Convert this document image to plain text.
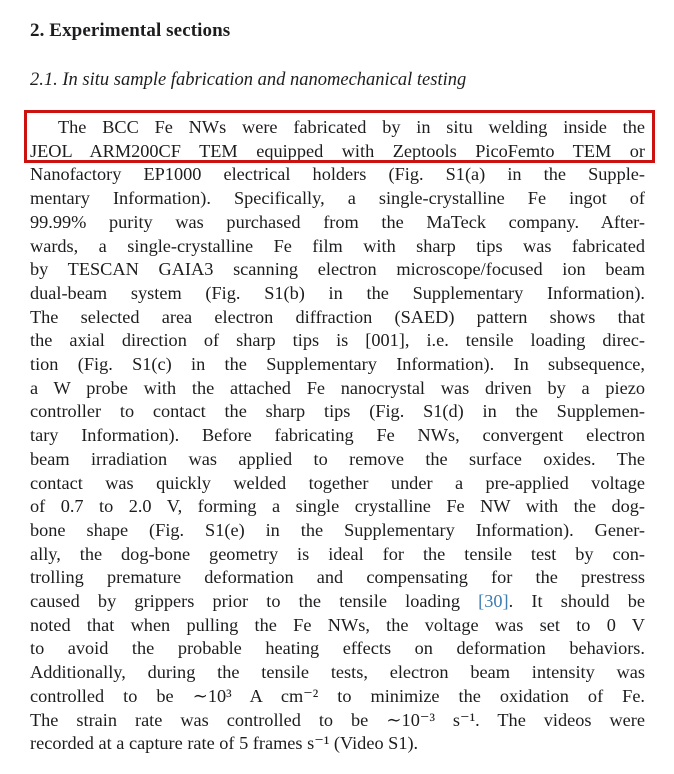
2. Experimental sections
2.1. In situ sample fabrication and nanomechanical testing
The BCC Fe NWs were fabricated by in situ welding inside the
JEOL ARM200CF TEM equipped with Zeptools PicoFemto TEM or
Nanofactory EP1000 electrical holders (Fig. S1(a) in the Supple-
mentary Information). Specifically, a single-crystalline Fe ingot of
99.99% purity was purchased from the MaTeck company. After-
wards, a single-crystalline Fe film with sharp tips was fabricated
by TESCAN GAIA3 scanning electron microscope/focused ion beam
dual-beam system (Fig. S1(b) in the Supplementary Information).
The selected area electron diffraction (SAED) pattern shows that
the axial direction of sharp tips is [001], i.e. tensile loading direc-
tion (Fig. S1(c) in the Supplementary Information). In subsequence,
a W probe with the attached Fe nanocrystal was driven by a piezo
controller to contact the sharp tips (Fig. S1(d) in the Supplemen-
tary Information). Before fabricating Fe NWs, convergent electron
beam irradiation was applied to remove the surface oxides. The
contact was quickly welded together under a pre-applied voltage
of 0.7 to 2.0 V, forming a single crystalline Fe NW with the dog-
bone shape (Fig. S1(e) in the Supplementary Information). Gener-
ally, the dog-bone geometry is ideal for the tensile test by con-
trolling premature deformation and compensating for the prestress
caused by grippers prior to the tensile loading [30]. It should be
noted that when pulling the Fe NWs, the voltage was set to 0 V
to avoid the probable heating effects on deformation behaviors.
Additionally, during the tensile tests, electron beam intensity was
controlled to be ∼10³ A cm⁻² to minimize the oxidation of Fe.
The strain rate was controlled to be ∼10⁻³ s⁻¹. The videos were
recorded at a capture rate of 5 frames s⁻¹ (Video S1).
